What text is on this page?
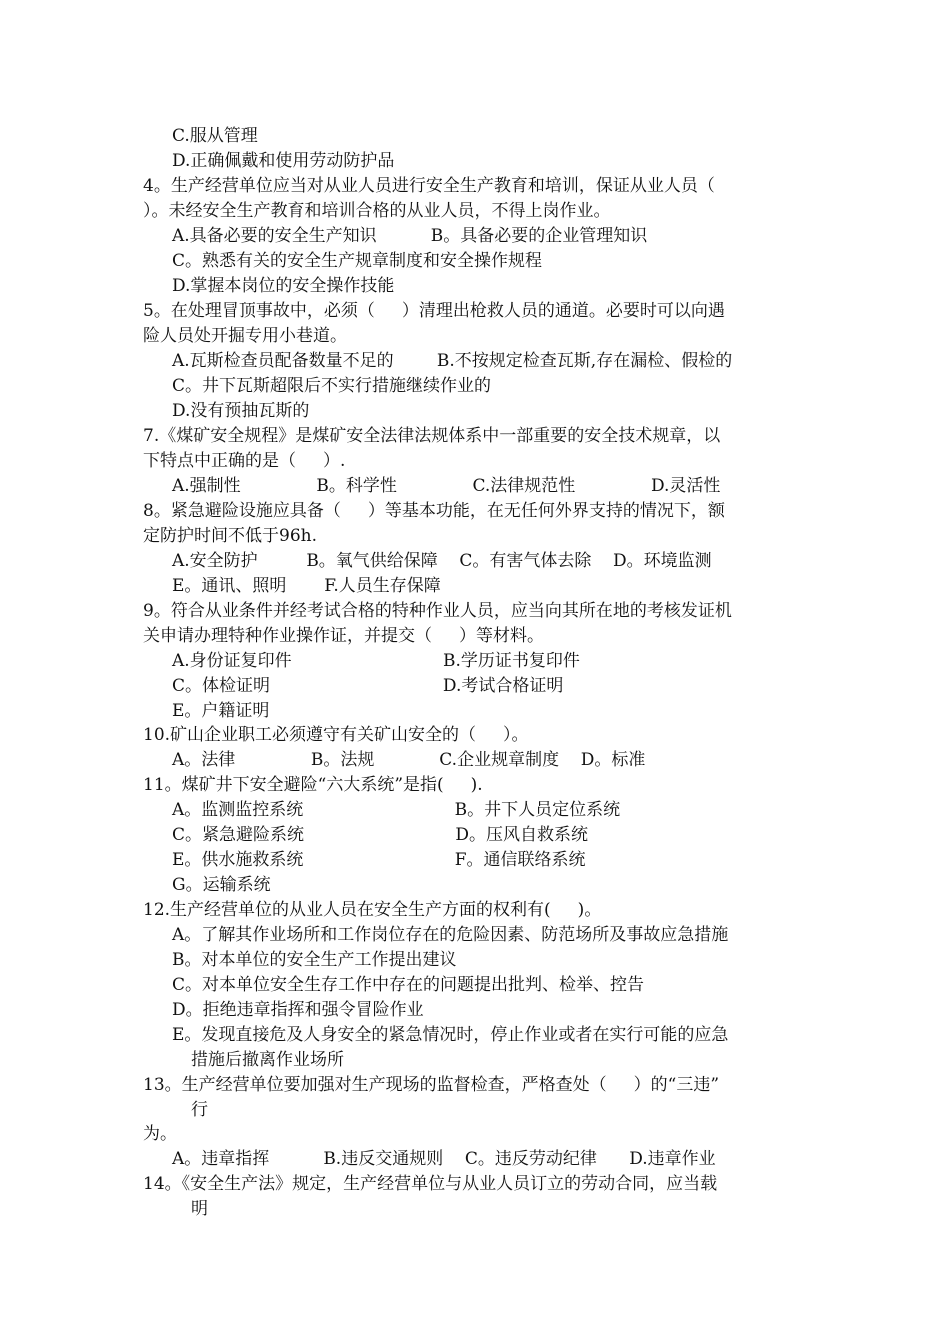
C.服从管理
D.正确佩戴和使用劳动防护品
4。生产经营单位应当对从业人员进行安全生产教育和培训，保证从业人员（
）。未经安全生产教育和培训合格的从业人员，不得上岗作业。
A.具备必要的安全生产知识          B。具备必要的企业管理知识
C。熟悉有关的安全生产规章制度和安全操作规程
D.掌握本岗位的安全操作技能
5。在处理冒顶事故中，必须（     ）清理出枪救人员的通道。必要时可以向遇
险人员处开掘专用小巷道。
A.瓦斯检查员配备数量不足的        B.不按规定检查瓦斯,存在漏检、假检的
C。井下瓦斯超限后不实行措施继续作业的
D.没有预抽瓦斯的
7.《煤矿安全规程》是煤矿安全法律法规体系中一部重要的安全技术规章，以
下特点中正确的是（     ）.
A.强制性              B。科学性              C.法律规范性              D.灵活性
8。紧急避险设施应具备（     ）等基本功能，在无任何外界支持的情况下，额
定防护时间不低于96h.
A.安全防护         B。氧气供给保障    C。有害气体去除    D。环境监测
E。通讯、照明       F.人员生存保障
9。符合从业条件并经考试合格的特种作业人员，应当向其所在地的考核发证机
关申请办理特种作业操作证，并提交（     ）等材料。
A.身份证复印件                            B.学历证书复印件
C。体检证明                                D.考试合格证明
E。户籍证明
10.矿山企业职工必须遵守有关矿山安全的（     ）。
A。法律              B。法规            C.企业规章制度    D。标准
11。煤矿井下安全避险“六大系统”是指(     ).
A。监测监控系统                            B。井下人员定位系统
C。紧急避险系统                            D。压风自救系统
E。供水施救系统                            F。通信联络系统
G。运输系统
12.生产经营单位的从业人员在安全生产方面的权利有(     )。
A。了解其作业场所和工作岗位存在的危险因素、防范场所及事故应急措施
B。对本单位的安全生产工作提出建议
C。对本单位安全生存工作中存在的问题提出批判、检举、控告
D。拒绝违章指挥和强令冒险作业
E。发现直接危及人身安全的紧急情况时，停止作业或者在实行可能的应急
措施后撤离作业场所
13。生产经营单位要加强对生产现场的监督检查，严格查处（     ）的“三违”
行
为。
A。违章指挥          B.违反交通规则    C。违反劳动纪律      D.违章作业
14。《安全生产法》规定，生产经营单位与从业人员订立的劳动合同，应当载
明
